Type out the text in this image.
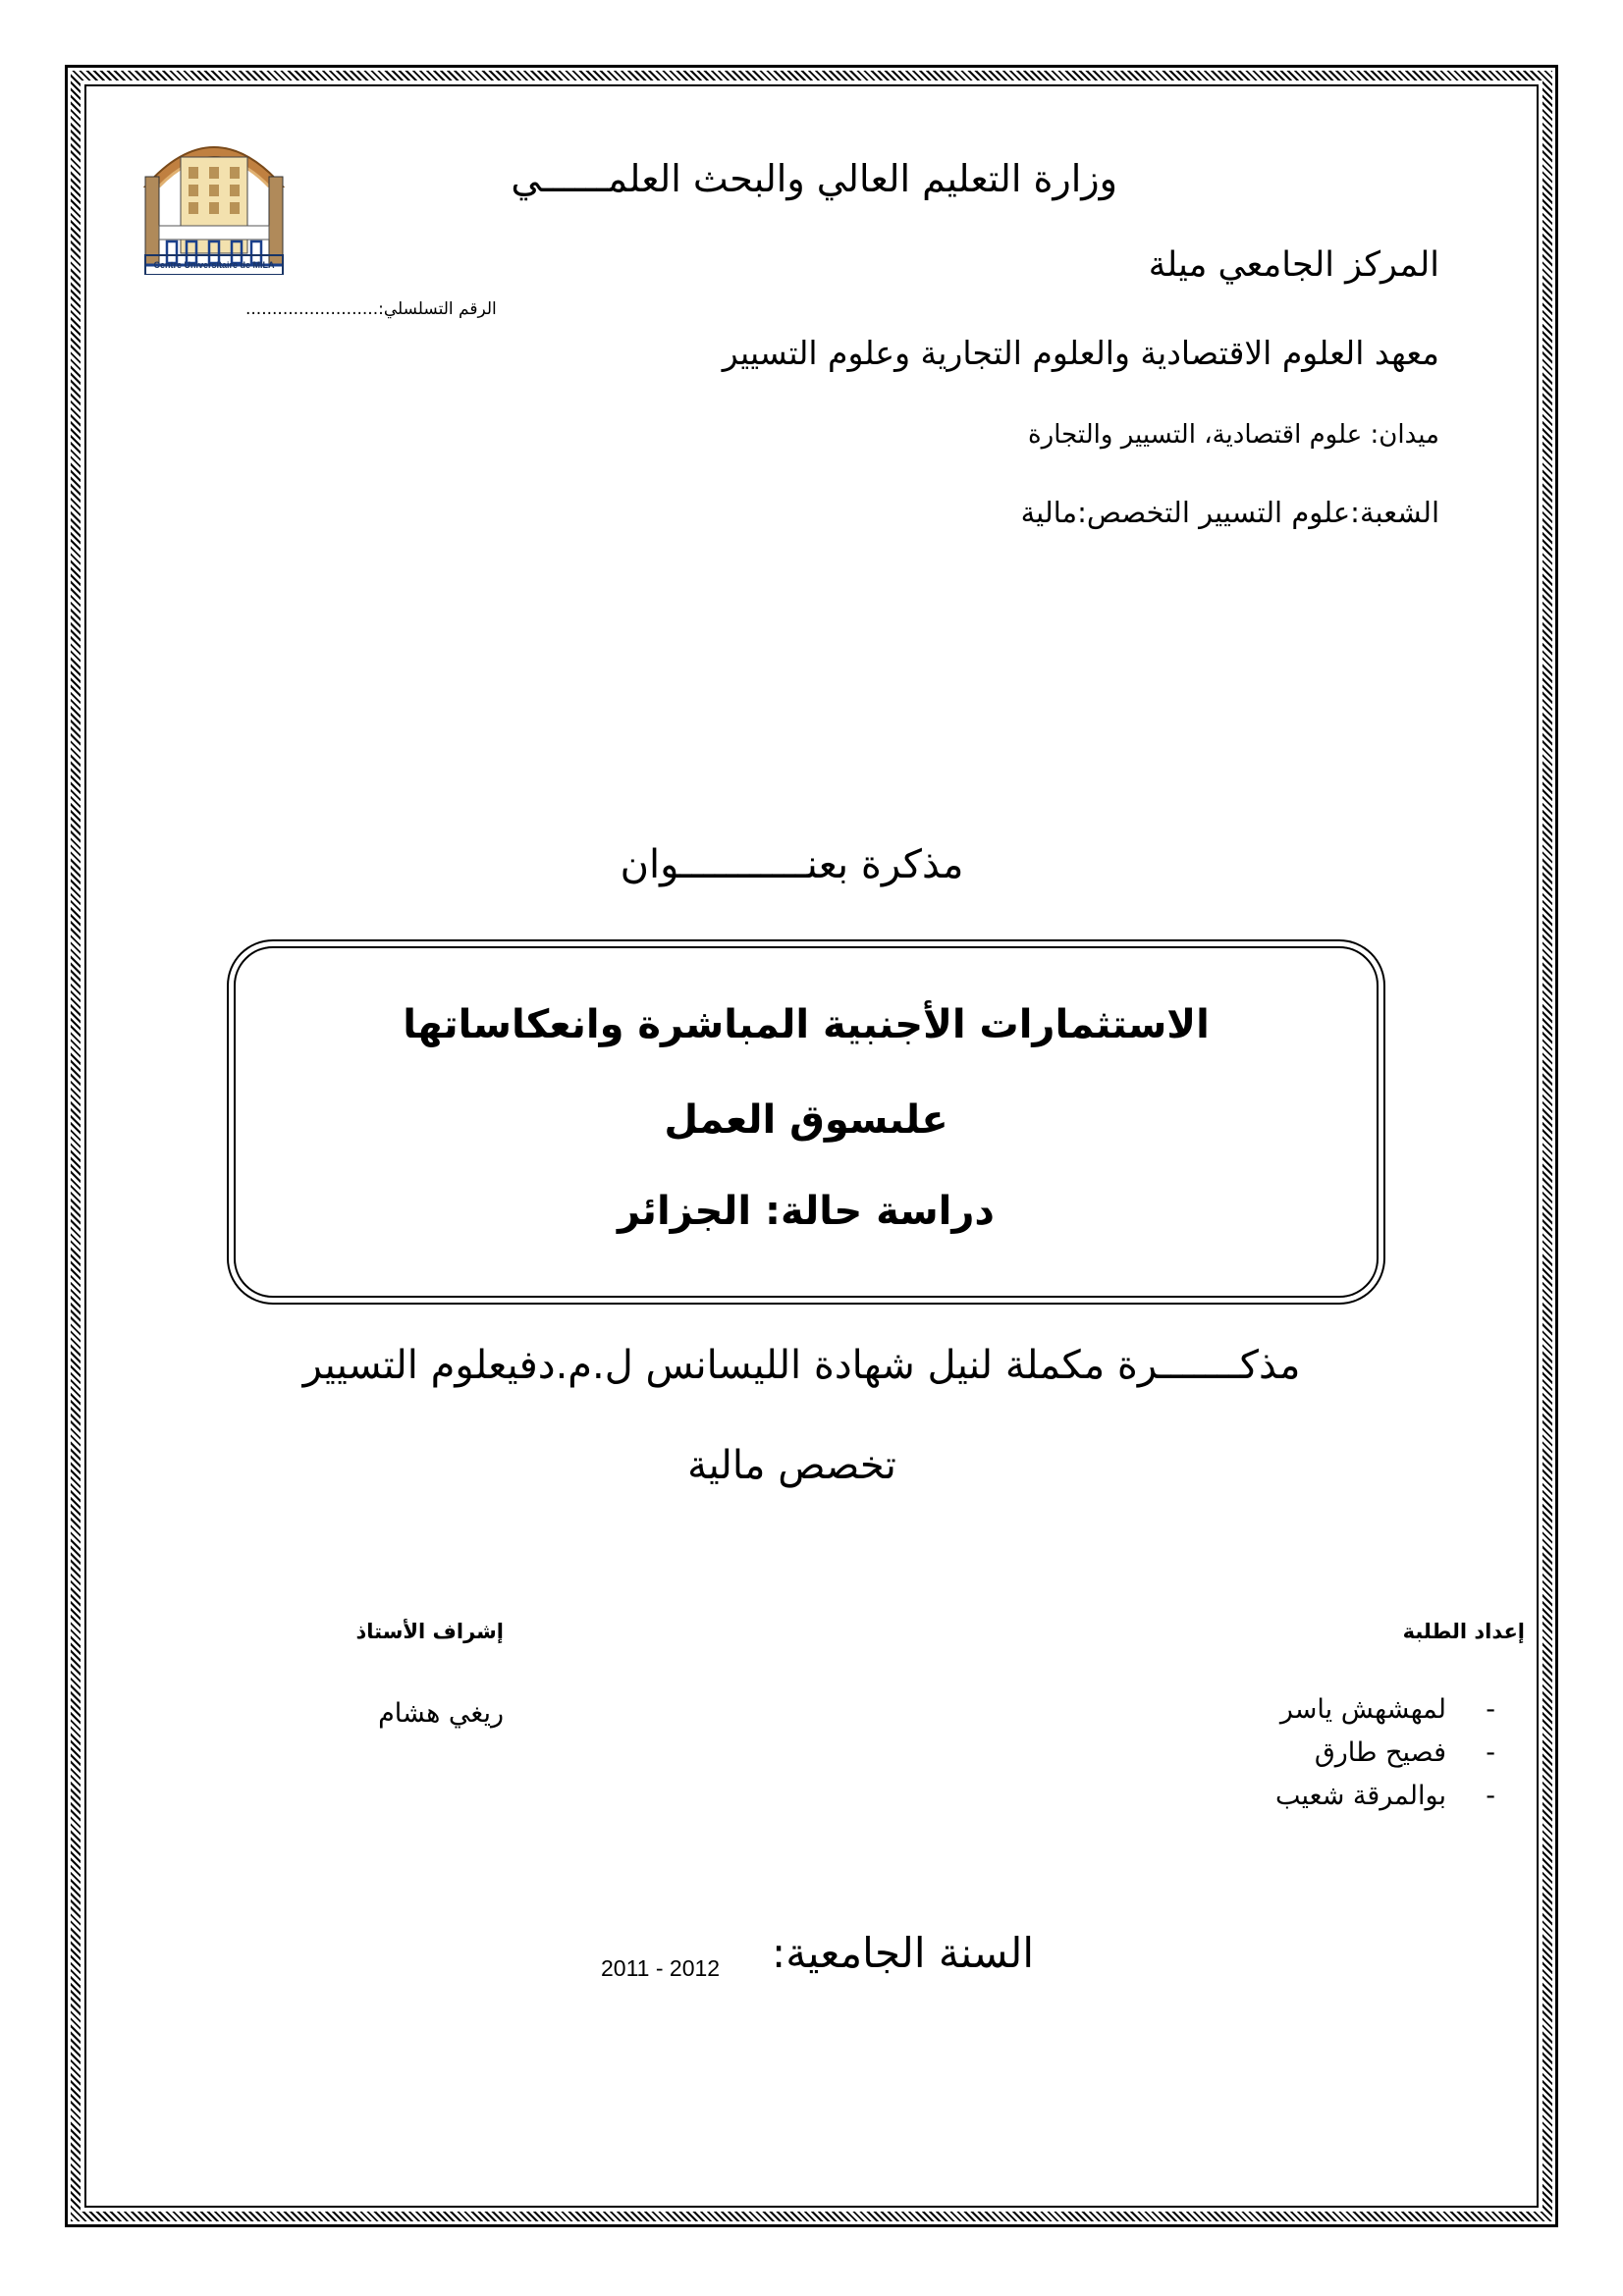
Centre Universitaire de MILA
وزارة التعليم العالي والبحث العلمــــــي
المركز الجامعي ميلة
الرقم التسلسلي:.........................
معهد العلوم الاقتصادية والعلوم التجارية وعلوم التسيير
ميدان: علوم اقتصادية، التسيير والتجارة
الشعبة:علوم التسيير التخصص:مالية
مذكرة بعنـــــــــــوان
الاستثمارات الأجنبية المباشرة وانعكاساتها
علىسوق العمل
دراسة حالة: الجزائر
مذكـــــــرة مكملة لنيل شهادة الليسانس ل.م.دفيعلوم التسيير
تخصص مالية
إعداد الطلبة
-لمهشهش ياسر
-فصيح طارق
-بوالمرقة شعيب
إشراف الأستاذ
ريغي هشام
السنة الجامعية:
2011 - 2012
